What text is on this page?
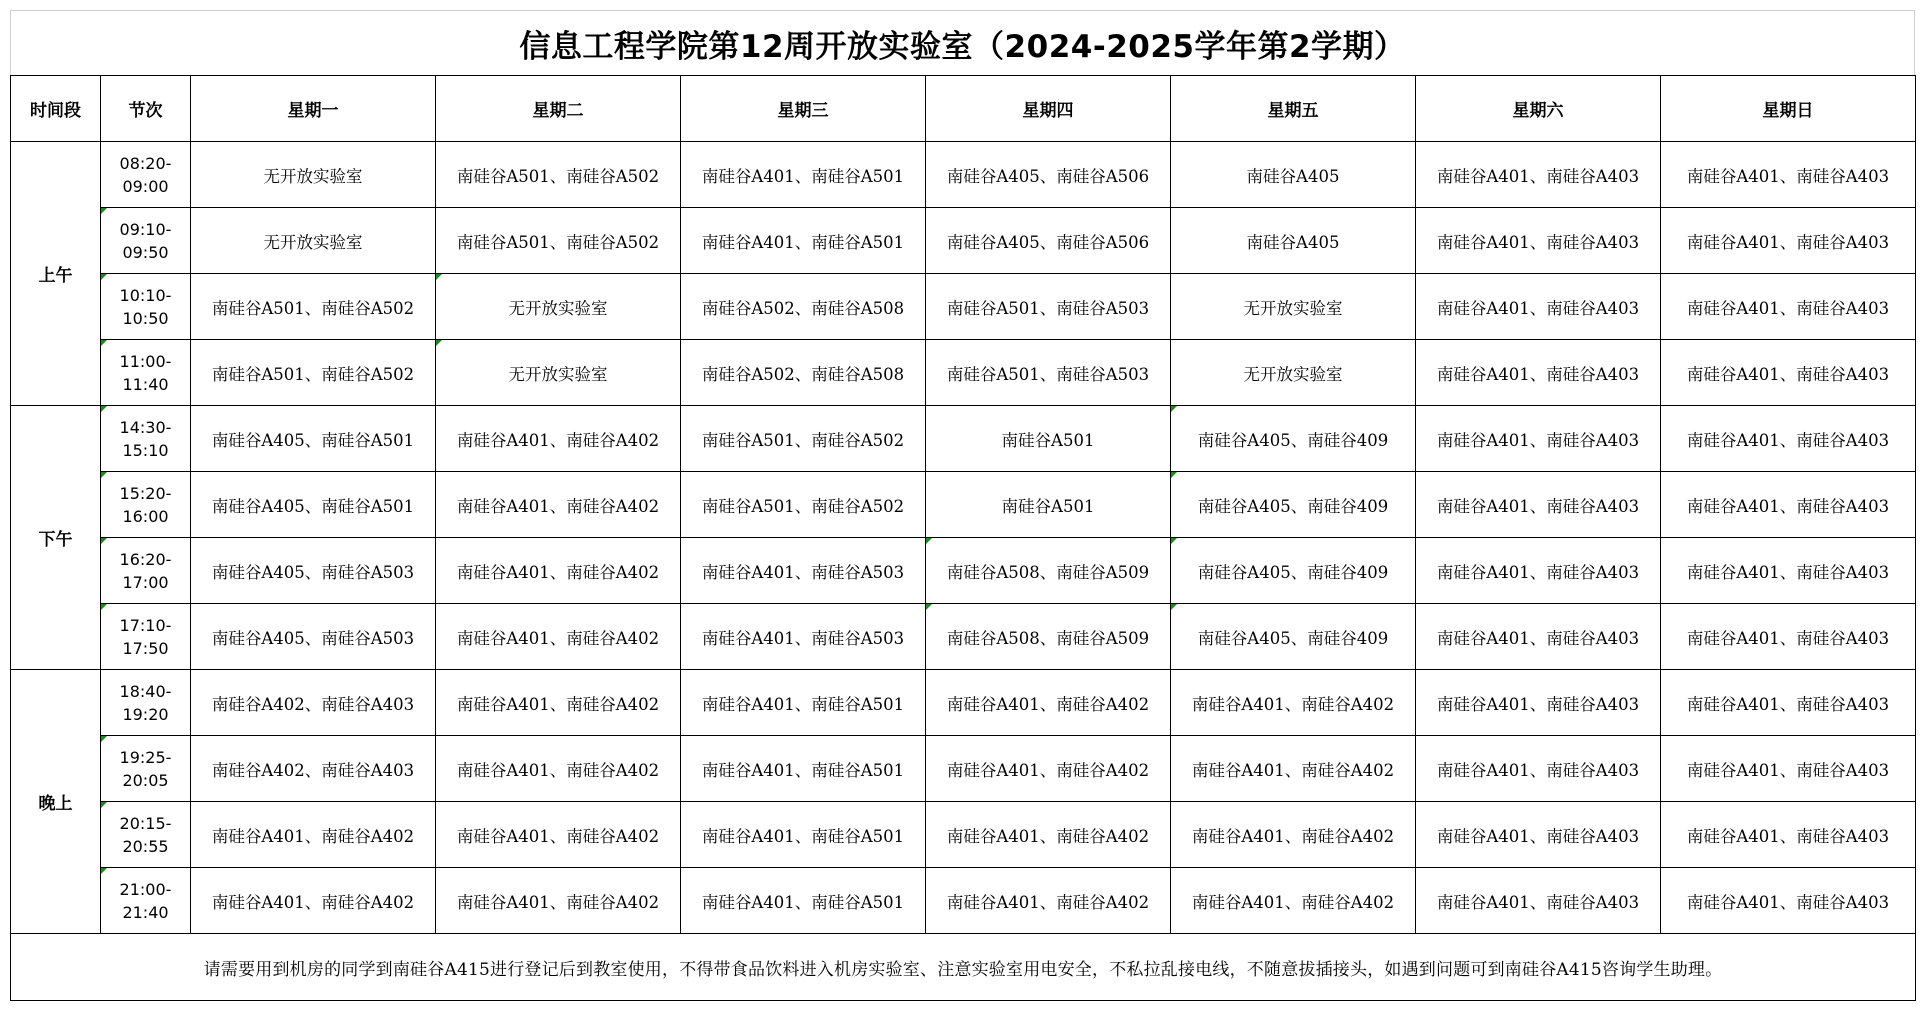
信息工程学院第12周开放实验室（2024-2025学年第2学期）
时间段	节次	星期一	星期二	星期三	星期四	星期五	星期六	星期日
上午	08:20-
09:00	无开放实验室	南硅谷A501、南硅谷A502	南硅谷A401、南硅谷A501	南硅谷A405、南硅谷A506	南硅谷A405	南硅谷A401、南硅谷A403	南硅谷A401、南硅谷A403

	09:10-
09:50	无开放实验室	南硅谷A501、南硅谷A502	南硅谷A401、南硅谷A501	南硅谷A405、南硅谷A506	南硅谷A405	南硅谷A401、南硅谷A403	南硅谷A401、南硅谷A403

	10:10-
10:50	南硅谷A501、南硅谷A502	无开放实验室	南硅谷A502、南硅谷A508	南硅谷A501、南硅谷A503	无开放实验室	南硅谷A401、南硅谷A403	南硅谷A401、南硅谷A403

	11:00-
11:40	南硅谷A501、南硅谷A502	无开放实验室	南硅谷A502、南硅谷A508	南硅谷A501、南硅谷A503	无开放实验室	南硅谷A401、南硅谷A403	南硅谷A401、南硅谷A403
下午	14:30-
15:10	南硅谷A405、南硅谷A501	南硅谷A401、南硅谷A402	南硅谷A501、南硅谷A502	南硅谷A501	南硅谷A405、南硅谷409	南硅谷A401、南硅谷A403	南硅谷A401、南硅谷A403

	15:20-
16:00	南硅谷A405、南硅谷A501	南硅谷A401、南硅谷A402	南硅谷A501、南硅谷A502	南硅谷A501	南硅谷A405、南硅谷409	南硅谷A401、南硅谷A403	南硅谷A401、南硅谷A403

	16:20-
17:00	南硅谷A405、南硅谷A503	南硅谷A401、南硅谷A402	南硅谷A401、南硅谷A503	南硅谷A508、南硅谷A509	南硅谷A405、南硅谷409	南硅谷A401、南硅谷A403	南硅谷A401、南硅谷A403

	17:10-
17:50	南硅谷A405、南硅谷A503	南硅谷A401、南硅谷A402	南硅谷A401、南硅谷A503	南硅谷A508、南硅谷A509	南硅谷A405、南硅谷409	南硅谷A401、南硅谷A403	南硅谷A401、南硅谷A403
晚上	18:40-
19:20	南硅谷A402、南硅谷A403	南硅谷A401、南硅谷A402	南硅谷A401、南硅谷A501	南硅谷A401、南硅谷A402	南硅谷A401、南硅谷A402	南硅谷A401、南硅谷A403	南硅谷A401、南硅谷A403

	19:25-
20:05	南硅谷A402、南硅谷A403	南硅谷A401、南硅谷A402	南硅谷A401、南硅谷A501	南硅谷A401、南硅谷A402	南硅谷A401、南硅谷A402	南硅谷A401、南硅谷A403	南硅谷A401、南硅谷A403

	20:15-
20:55	南硅谷A401、南硅谷A402	南硅谷A401、南硅谷A402	南硅谷A401、南硅谷A501	南硅谷A401、南硅谷A402	南硅谷A401、南硅谷A402	南硅谷A401、南硅谷A403	南硅谷A401、南硅谷A403

	21:00-
21:40	南硅谷A401、南硅谷A402	南硅谷A401、南硅谷A402	南硅谷A401、南硅谷A501	南硅谷A401、南硅谷A402	南硅谷A401、南硅谷A402	南硅谷A401、南硅谷A403	南硅谷A401、南硅谷A403
请需要用到机房的同学到南硅谷A415进行登记后到教室使用，不得带食品饮料进入机房实验室、注意实验室用电安全，不私拉乱接电线，不随意拔插接头，如遇到问题可到南硅谷A415咨询学生助理。								
